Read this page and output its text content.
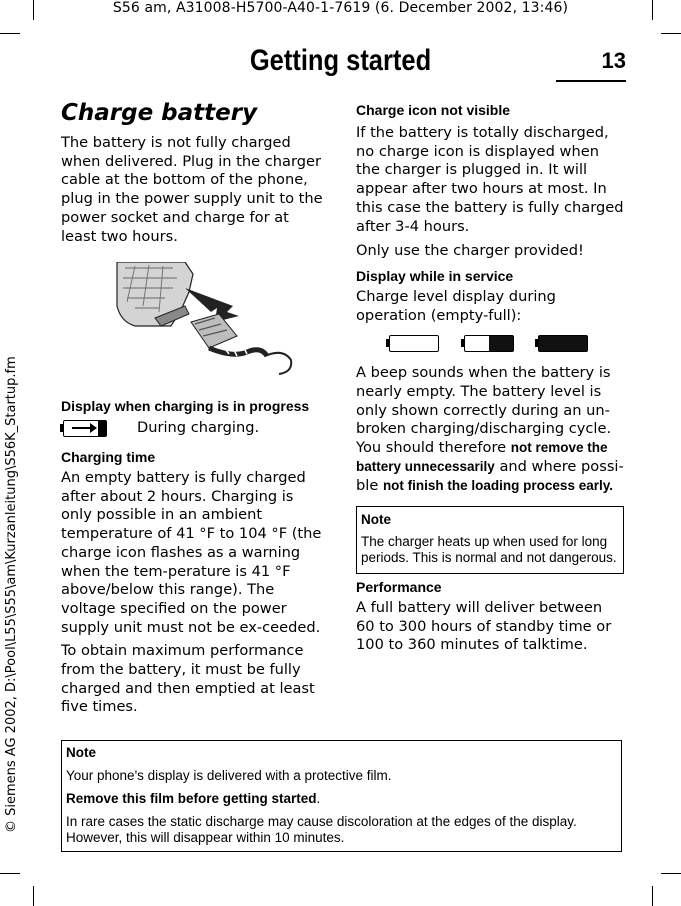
S56 am, A31008-H5700-A40-1-7619 (6. December 2002, 13:46)
Getting started	13
© Siemens AG 2002, D:\Pool\L55\S55\am\Kurzanleitung\S56K_Startup.fm
Charge battery

The battery is not fully charged when delivered. Plug in the charger cable at the bottom of the phone, plug in the power supply unit to the power socket and charge for at least two hours.

Display when charging is in progress
During charging.
Charging time

An empty battery is fully charged after about 2 hours. Charging is only possible in an ambient temperature of 41 °F to 104 °F (the charge icon flashes as a warning when the tem-perature is 41 °F above/below this range). The voltage specified on the power supply unit must not be ex-ceeded.

To obtain maximum performance from the battery, it must be fully charged and then emptied at least five times.

Charge icon not visible

If the battery is totally discharged, no charge icon is displayed when the charger is plugged in. It will appear after two hours at most. In this case the battery is fully charged after 3-4 hours.

Only use the charger provided!

Display while in service

Charge level display during operation (empty-full):

A beep sounds when the battery is nearly empty. The battery level is only shown correctly during an un-broken charging/discharging cycle. You should therefore not remove the battery unnecessarily and where possi-ble not finish the loading process early.

Note

The charger heats up when used for long periods. This is normal and not dangerous.

Performance

A full battery will deliver between 60 to 300 hours of standby time or 100 to 360 minutes of talktime.

Note

Your phone's display is delivered with a protective film.

Remove this film before getting started.

In rare cases the static discharge may cause discoloration at the edges of the display. However, this will disappear within 10 minutes.
